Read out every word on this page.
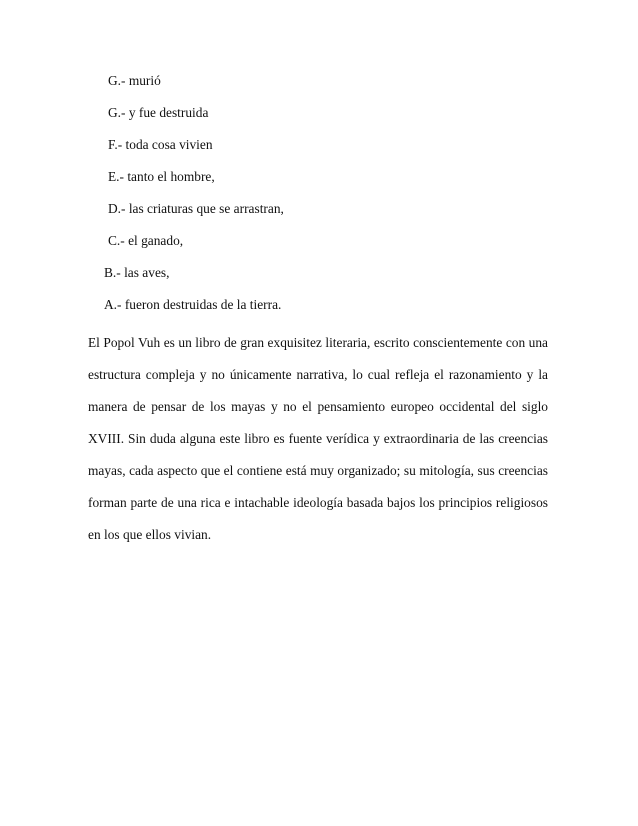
G.- murió
G.- y fue destruida
F.- toda cosa vivien
E.- tanto el hombre,
D.- las criaturas que se arrastran,
C.- el ganado,
B.- las aves,
A.- fueron destruidas de la tierra.

El Popol Vuh es un libro de gran exquisitez literaria, escrito conscientemente con una estructura compleja y no únicamente narrativa, lo cual refleja el razonamiento y la manera de pensar de los mayas y no el pensamiento europeo occidental del siglo XVIII. Sin duda alguna este libro es fuente verídica y extraordinaria de las creencias mayas, cada aspecto que el contiene está muy organizado; su mitología, sus creencias forman parte de una rica e intachable ideología basada bajos los principios religiosos en los que ellos vivian.
